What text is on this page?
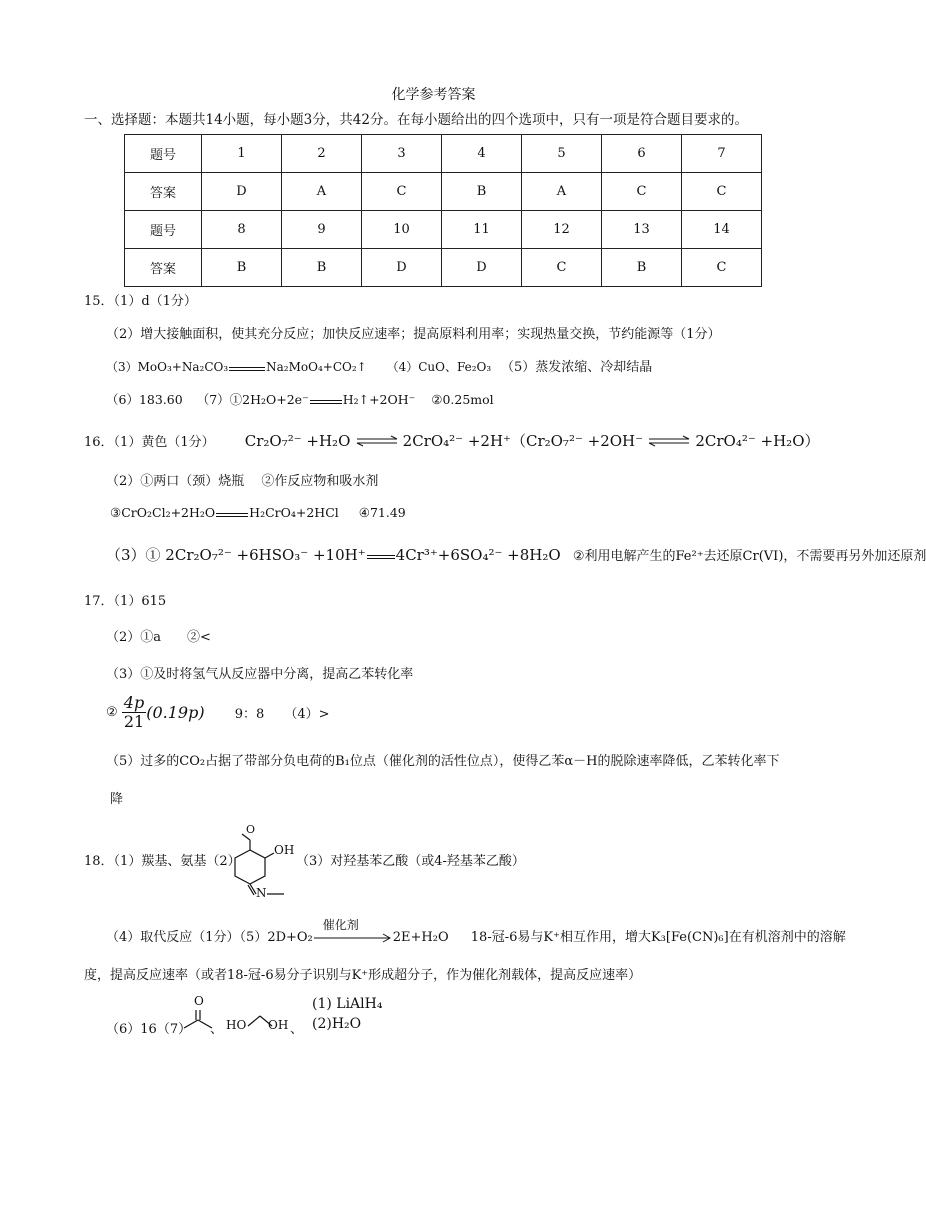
化学参考答案
一、选择题：本题共14小题，每小题3分，共42分。在每小题给出的四个选项中，只有一项是符合题目要求的。
题号	1	2	3	4	5	6	7
答案	D	A	C	B	A	C	C
题号	8	9	10	11	12	13	14
答案	B	B	D	D	C	B	C
15．（1）d（1分）
（2）增大接触面积，使其充分反应；加快反应速率；提高原料利用率；实现热量交换，节约能源等（1分）
（3）MoO₃+Na₂CO₃	Na₂MoO₄+CO₂↑ （4）CuO、Fe₂O₃ （5）蒸发浓缩、冷却结晶
（6）183.60 （7）①2H₂O+2e⁻	H₂↑+2OH⁻ ②0.25mol
16．（1）黄色（1分） Cr₂O₇²⁻ +H₂O ⇌ 2CrO₄²⁻ +2H⁺（Cr₂O₇²⁻ +2OH⁻ ⇌ 2CrO₄²⁻ +H₂O）
（2）①两口（颈）烧瓶　 ②作反应物和吸水剂
③CrO₂Cl₂+2H₂O	H₂CrO₄+2HCl ④71.49
（3）① 2Cr₂O₇²⁻ +6HSO₃⁻ +10H⁺ 4Cr³⁺+6SO₄²⁻ +8H₂O ②利用电解产生的Fe²⁺去还原Cr(VI)，不需要再另外加还原剂
17．（1）615
（2）①a　　②<
（3）①及时将氢气从反应器中分离，提高乙苯转化率
② $\frac{4p}{21} (0.19p)$ 9：8 （4）>
（5）过多的CO₂占据了带部分负电荷的B₁位点（催化剂的活性位点），使得乙苯α－H的脱除速率降低，乙苯转化率下
降
18．（1）羰基、氨基（2）
O
OH
N
（3）对羟基苯乙酸（或4-羟基苯乙酸）
（4）取代反应（1分）（5）2D+O₂
催化剂
2E+H₂O 18-冠-6易与K⁺相互作用，增大K₃[Fe(CN)₆]在有机溶剂中的溶解
度，提高反应速率（或者18-冠-6易分子识别与K⁺形成超分子，作为催化剂载体，提高反应速率）
（6）16（7）
O
、 HO OH 、
(1) LiAlH₄
(2)H₂O
